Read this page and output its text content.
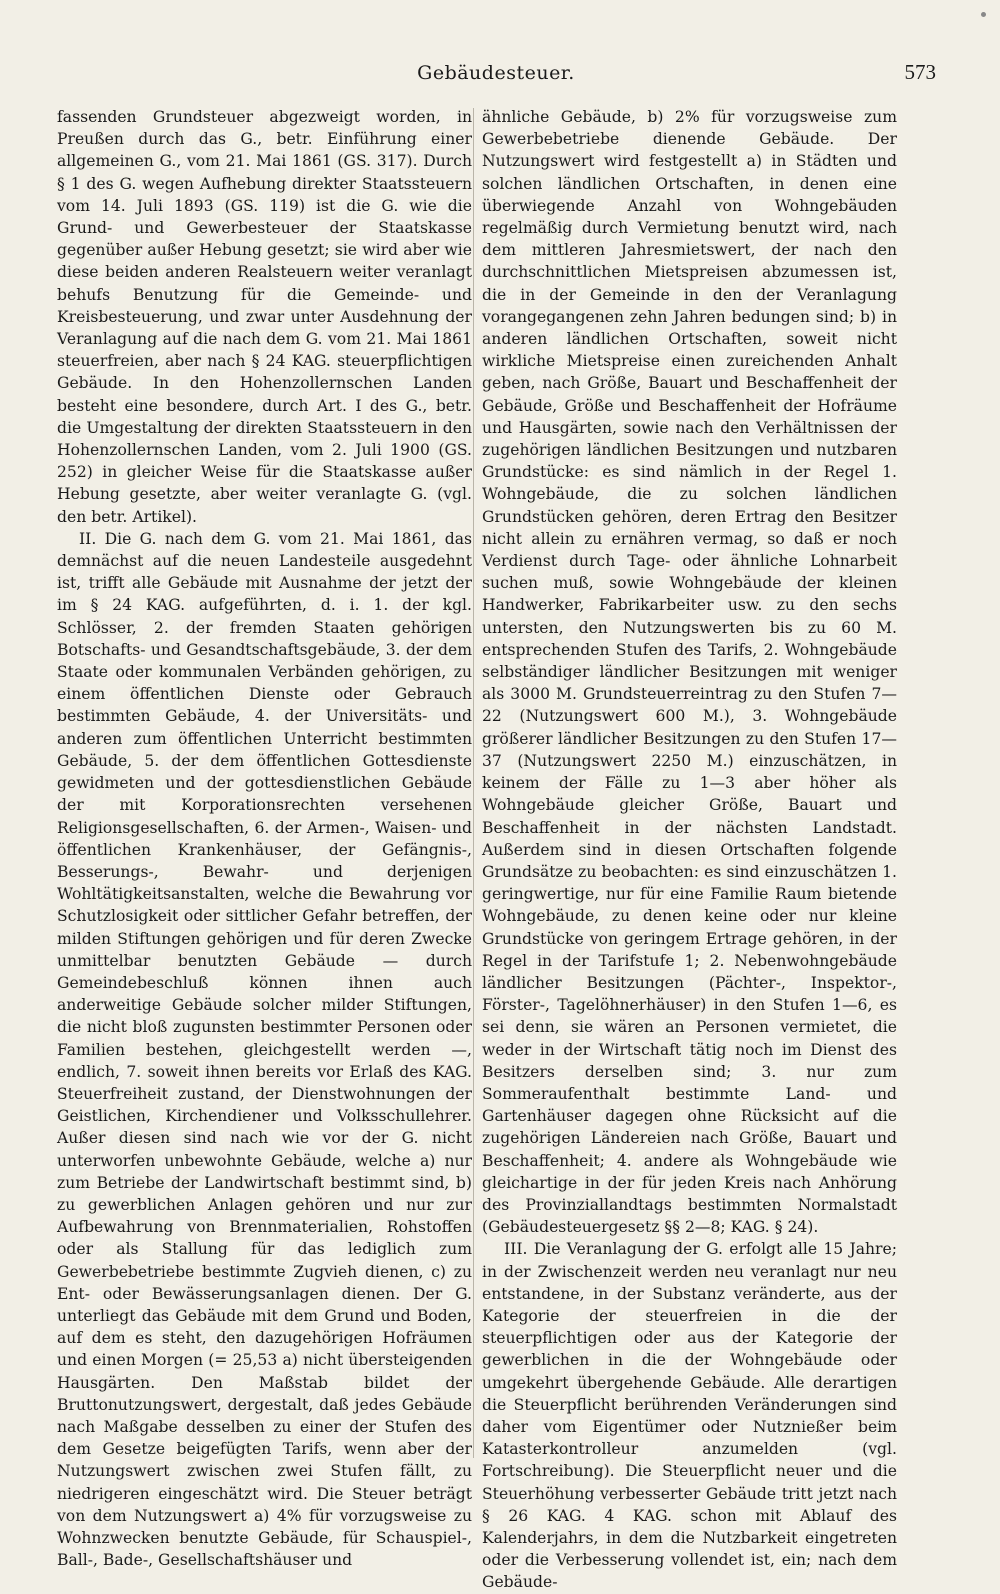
Gebäudesteuer.	573

fassenden Grundsteuer abgezweigt worden, in Preußen durch das G., betr. Einführung einer allgemeinen G., vom 21. Mai 1861 (GS. 317). Durch § 1 des G. wegen Aufhebung direkter Staatssteuern vom 14. Juli 1893 (GS. 119) ist die G. wie die Grund- und Gewerbesteuer der Staatskasse gegenüber außer Hebung gesetzt; sie wird aber wie diese beiden anderen Realsteuern weiter veranlagt behufs Benutzung für die Gemeinde- und Kreisbesteuerung, und zwar unter Ausdehnung der Veranlagung auf die nach dem G. vom 21. Mai 1861 steuerfreien, aber nach § 24 KAG. steuerpflichtigen Gebäude. In den Hohenzollernschen Landen besteht eine besondere, durch Art. I des G., betr. die Umgestaltung der direkten Staatssteuern in den Hohenzollernschen Landen, vom 2. Juli 1900 (GS. 252) in gleicher Weise für die Staatskasse außer Hebung gesetzte, aber weiter veranlagte G. (vgl. den betr. Artikel).

II. Die G. nach dem G. vom 21. Mai 1861, das demnächst auf die neuen Landesteile ausgedehnt ist, trifft alle Gebäude mit Ausnahme der jetzt der im § 24 KAG. aufgeführten, d. i. 1. der kgl. Schlösser, 2. der fremden Staaten gehörigen Botschafts- und Gesandtschaftsgebäude, 3. der dem Staate oder kommunalen Verbänden gehörigen, zu einem öffentlichen Dienste oder Gebrauch bestimmten Gebäude, 4. der Universitäts- und anderen zum öffentlichen Unterricht bestimmten Gebäude, 5. der dem öffentlichen Gottesdienste gewidmeten und der gottesdienstlichen Gebäude der mit Korporationsrechten versehenen Religionsgesellschaften, 6. der Armen-, Waisen- und öffentlichen Krankenhäuser, der Gefängnis-, Besserungs-, Bewahr- und derjenigen Wohltätigkeitsanstalten, welche die Bewahrung vor Schutzlosigkeit oder sittlicher Gefahr betreffen, der milden Stiftungen gehörigen und für deren Zwecke unmittelbar benutzten Gebäude — durch Gemeindebeschluß können ihnen auch anderweitige Gebäude solcher milder Stiftungen, die nicht bloß zugunsten bestimmter Personen oder Familien bestehen, gleichgestellt werden —, endlich, 7. soweit ihnen bereits vor Erlaß des KAG. Steuerfreiheit zustand, der Dienstwohnungen der Geistlichen, Kirchendiener und Volksschullehrer. Außer diesen sind nach wie vor der G. nicht unterworfen unbewohnte Gebäude, welche a) nur zum Betriebe der Landwirtschaft bestimmt sind, b) zu gewerblichen Anlagen gehören und nur zur Aufbewahrung von Brennmaterialien, Rohstoffen oder als Stallung für das lediglich zum Gewerbebetriebe bestimmte Zugvieh dienen, c) zu Ent- oder Bewässerungsanlagen dienen. Der G. unterliegt das Gebäude mit dem Grund und Boden, auf dem es steht, den dazugehörigen Hofräumen und einen Morgen (= 25,53 a) nicht übersteigenden Hausgärten. Den Maßstab bildet der Bruttonutzungswert, dergestalt, daß jedes Gebäude nach Maßgabe desselben zu einer der Stufen des dem Gesetze beigefügten Tarifs, wenn aber der Nutzungswert zwischen zwei Stufen fällt, zu niedrigeren eingeschätzt wird. Die Steuer beträgt von dem Nutzungswert a) 4% für vorzugsweise zu Wohnzwecken benutzte Gebäude, für Schauspiel-, Ball-, Bade-, Gesellschaftshäuser und

ähnliche Gebäude, b) 2% für vorzugsweise zum Gewerbebetriebe dienende Gebäude. Der Nutzungswert wird festgestellt a) in Städten und solchen ländlichen Ortschaften, in denen eine überwiegende Anzahl von Wohngebäuden regelmäßig durch Vermietung benutzt wird, nach dem mittleren Jahresmietswert, der nach den durchschnittlichen Mietspreisen abzumessen ist, die in der Gemeinde in den der Veranlagung vorangegangenen zehn Jahren bedungen sind; b) in anderen ländlichen Ortschaften, soweit nicht wirkliche Mietspreise einen zureichenden Anhalt geben, nach Größe, Bauart und Beschaffenheit der Gebäude, Größe und Beschaffenheit der Hofräume und Hausgärten, sowie nach den Verhältnissen der zugehörigen ländlichen Besitzungen und nutzbaren Grundstücke: es sind nämlich in der Regel 1. Wohngebäude, die zu solchen ländlichen Grundstücken gehören, deren Ertrag den Besitzer nicht allein zu ernähren vermag, so daß er noch Verdienst durch Tage- oder ähnliche Lohnarbeit suchen muß, sowie Wohngebäude der kleinen Handwerker, Fabrikarbeiter usw. zu den sechs untersten, den Nutzungswerten bis zu 60 M. entsprechenden Stufen des Tarifs, 2. Wohngebäude selbständiger ländlicher Besitzungen mit weniger als 3000 M. Grundsteuerreintrag zu den Stufen 7—22 (Nutzungswert 600 M.), 3. Wohngebäude größerer ländlicher Besitzungen zu den Stufen 17—37 (Nutzungswert 2250 M.) einzuschätzen, in keinem der Fälle zu 1—3 aber höher als Wohngebäude gleicher Größe, Bauart und Beschaffenheit in der nächsten Landstadt. Außerdem sind in diesen Ortschaften folgende Grundsätze zu beobachten: es sind einzuschätzen 1. geringwertige, nur für eine Familie Raum bietende Wohngebäude, zu denen keine oder nur kleine Grundstücke von geringem Ertrage gehören, in der Regel in der Tarifstufe 1; 2. Nebenwohngebäude ländlicher Besitzungen (Pächter-, Inspektor-, Förster-, Tagelöhnerhäuser) in den Stufen 1—6, es sei denn, sie wären an Personen vermietet, die weder in der Wirtschaft tätig noch im Dienst des Besitzers derselben sind; 3. nur zum Sommeraufenthalt bestimmte Land- und Gartenhäuser dagegen ohne Rücksicht auf die zugehörigen Ländereien nach Größe, Bauart und Beschaffenheit; 4. andere als Wohngebäude wie gleichartige in der für jeden Kreis nach Anhörung des Provinziallandtags bestimmten Normalstadt (Gebäudesteuergesetz §§ 2—8; KAG. § 24).

III. Die Veranlagung der G. erfolgt alle 15 Jahre; in der Zwischenzeit werden neu veranlagt nur neu entstandene, in der Substanz veränderte, aus der Kategorie der steuerfreien in die der steuerpflichtigen oder aus der Kategorie der gewerblichen in die der Wohngebäude oder umgekehrt übergehende Gebäude. Alle derartigen die Steuerpflicht berührenden Veränderungen sind daher vom Eigentümer oder Nutznießer beim Katasterkontrolleur anzumelden (vgl. Fortschreibung). Die Steuerpflicht neuer und die Steuerhöhung verbesserter Gebäude tritt jetzt nach § 26 KAG. 4 KAG. schon mit Ablauf des Kalenderjahrs, in dem die Nutzbarkeit eingetreten oder die Verbesserung vollendet ist, ein; nach dem Gebäude-
